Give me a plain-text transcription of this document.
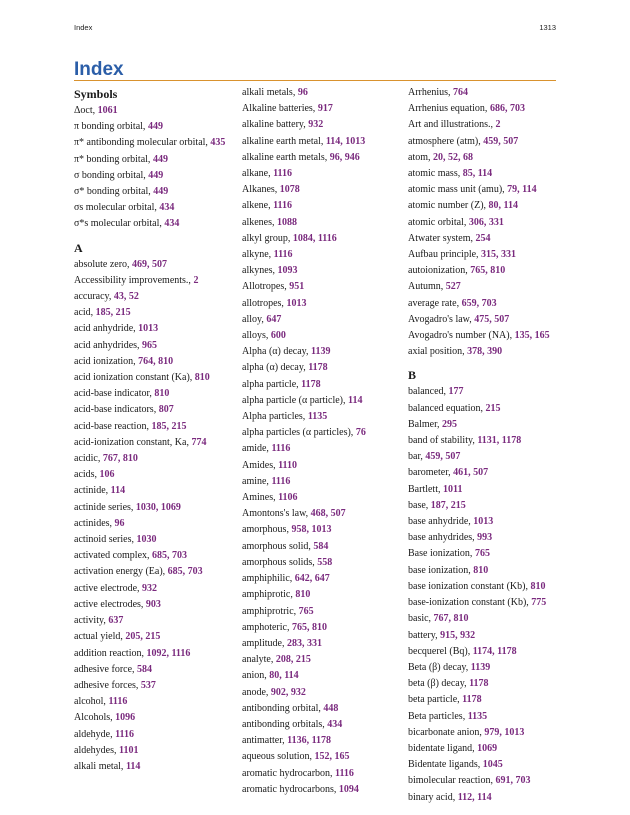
Index	1313
Index
Symbols
Δoct, 1061
π bonding orbital, 449
π* antibonding molecular orbital, 435
π* bonding orbital, 449
σ bonding orbital, 449
σ* bonding orbital, 449
σs molecular orbital, 434
σ*s molecular orbital, 434
A
absolute zero, 469, 507
Accessibility improvements., 2
accuracy, 43, 52
acid, 185, 215
acid anhydride, 1013
acid anhydrides, 965
acid ionization, 764, 810
acid ionization constant (Ka), 810
acid-base indicator, 810
acid-base indicators, 807
acid-base reaction, 185, 215
acid-ionization constant, Ka, 774
acidic, 767, 810
acids, 106
actinide, 114
actinide series, 1030, 1069
actinides, 96
actinoid series, 1030
activated complex, 685, 703
activation energy (Ea), 685, 703
active electrode, 932
active electrodes, 903
activity, 637
actual yield, 205, 215
addition reaction, 1092, 1116
adhesive force, 584
adhesive forces, 537
alcohol, 1116
Alcohols, 1096
aldehyde, 1116
aldehydes, 1101
alkali metal, 114
alkali metals, 96
Alkaline batteries, 917
alkaline battery, 932
alkaline earth metal, 114, 1013
alkaline earth metals, 96, 946
alkane, 1116
Alkanes, 1078
alkene, 1116
alkenes, 1088
alkyl group, 1084, 1116
alkyne, 1116
alkynes, 1093
Allotropes, 951
allotropes, 1013
alloy, 647
alloys, 600
Alpha (α) decay, 1139
alpha (α) decay, 1178
alpha particle, 1178
alpha particle (α particle), 114
Alpha particles, 1135
alpha particles (α particles), 76
amide, 1116
Amides, 1110
amine, 1116
Amines, 1106
Amontons's law, 468, 507
amorphous, 958, 1013
amorphous solid, 584
amorphous solids, 558
amphiphilic, 642, 647
amphiprotic, 810
amphiprotric, 765
amphoteric, 765, 810
amplitude, 283, 331
analyte, 208, 215
anion, 80, 114
anode, 902, 932
antibonding orbital, 448
antibonding orbitals, 434
antimatter, 1136, 1178
aqueous solution, 152, 165
aromatic hydrocarbon, 1116
aromatic hydrocarbons, 1094
Arrhenius, 764
Arrhenius equation, 686, 703
Art and illustrations., 2
atmosphere (atm), 459, 507
atom, 20, 52, 68
atomic mass, 85, 114
atomic mass unit (amu), 79, 114
atomic number (Z), 80, 114
atomic orbital, 306, 331
Atwater system, 254
Aufbau principle, 315, 331
autoionization, 765, 810
Autumn, 527
average rate, 659, 703
Avogadro's law, 475, 507
Avogadro's number (NA), 135, 165
axial position, 378, 390
B
balanced, 177
balanced equation, 215
Balmer, 295
band of stability, 1131, 1178
bar, 459, 507
barometer, 461, 507
Bartlett, 1011
base, 187, 215
base anhydride, 1013
base anhydrides, 993
Base ionization, 765
base ionization, 810
base ionization constant (Kb), 810
base-ionization constant (Kb), 775
basic, 767, 810
battery, 915, 932
becquerel (Bq), 1174, 1178
Beta (β) decay, 1139
beta (β) decay, 1178
beta particle, 1178
Beta particles, 1135
bicarbonate anion, 979, 1013
bidentate ligand, 1069
Bidentate ligands, 1045
bimolecular reaction, 691, 703
binary acid, 112, 114
